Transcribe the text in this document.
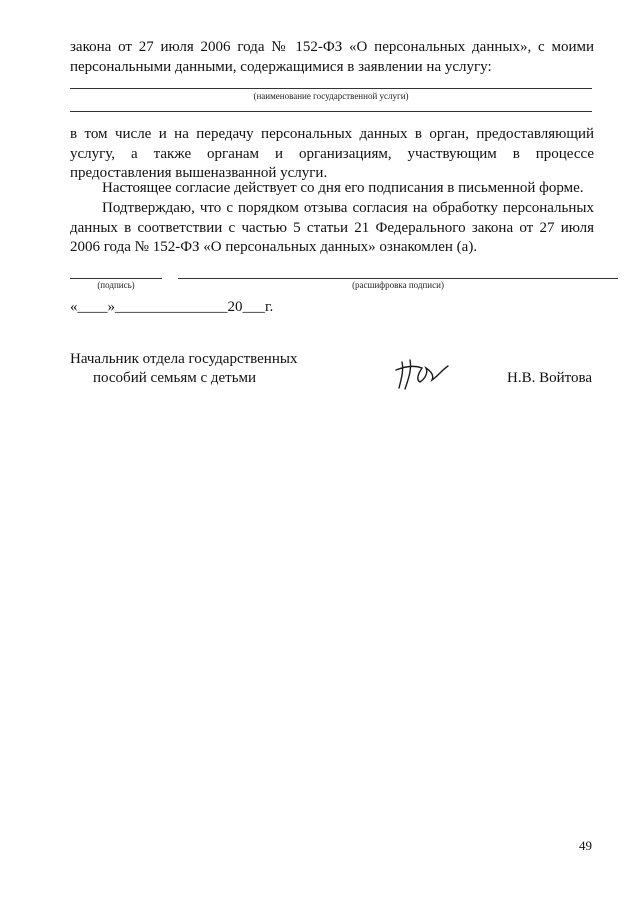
закона от 27 июля 2006 года № 152-ФЗ «О персональных данных», с моими персональными данными, содержащимися в заявлении на услугу:
(наименование государственной услуги)
в том числе и на передачу персональных данных в орган, предоставляющий услугу, а также органам и организациям, участвующим в процессе предоставления вышеназванной услуги.
Настоящее согласие действует со дня его подписания в письменной форме.
Подтверждаю, что с порядком отзыва согласия на обработку персональных данных в соответствии с частью 5 статьи 21 Федерального закона от 27 июля 2006 года № 152-ФЗ «О персональных данных» ознакомлен (а).
(подпись)	(расшифровка подписи)
«____»_______________20___г.
Начальник отдела государственных
пособий семьям с детьми	Н.В. Войтова
49
